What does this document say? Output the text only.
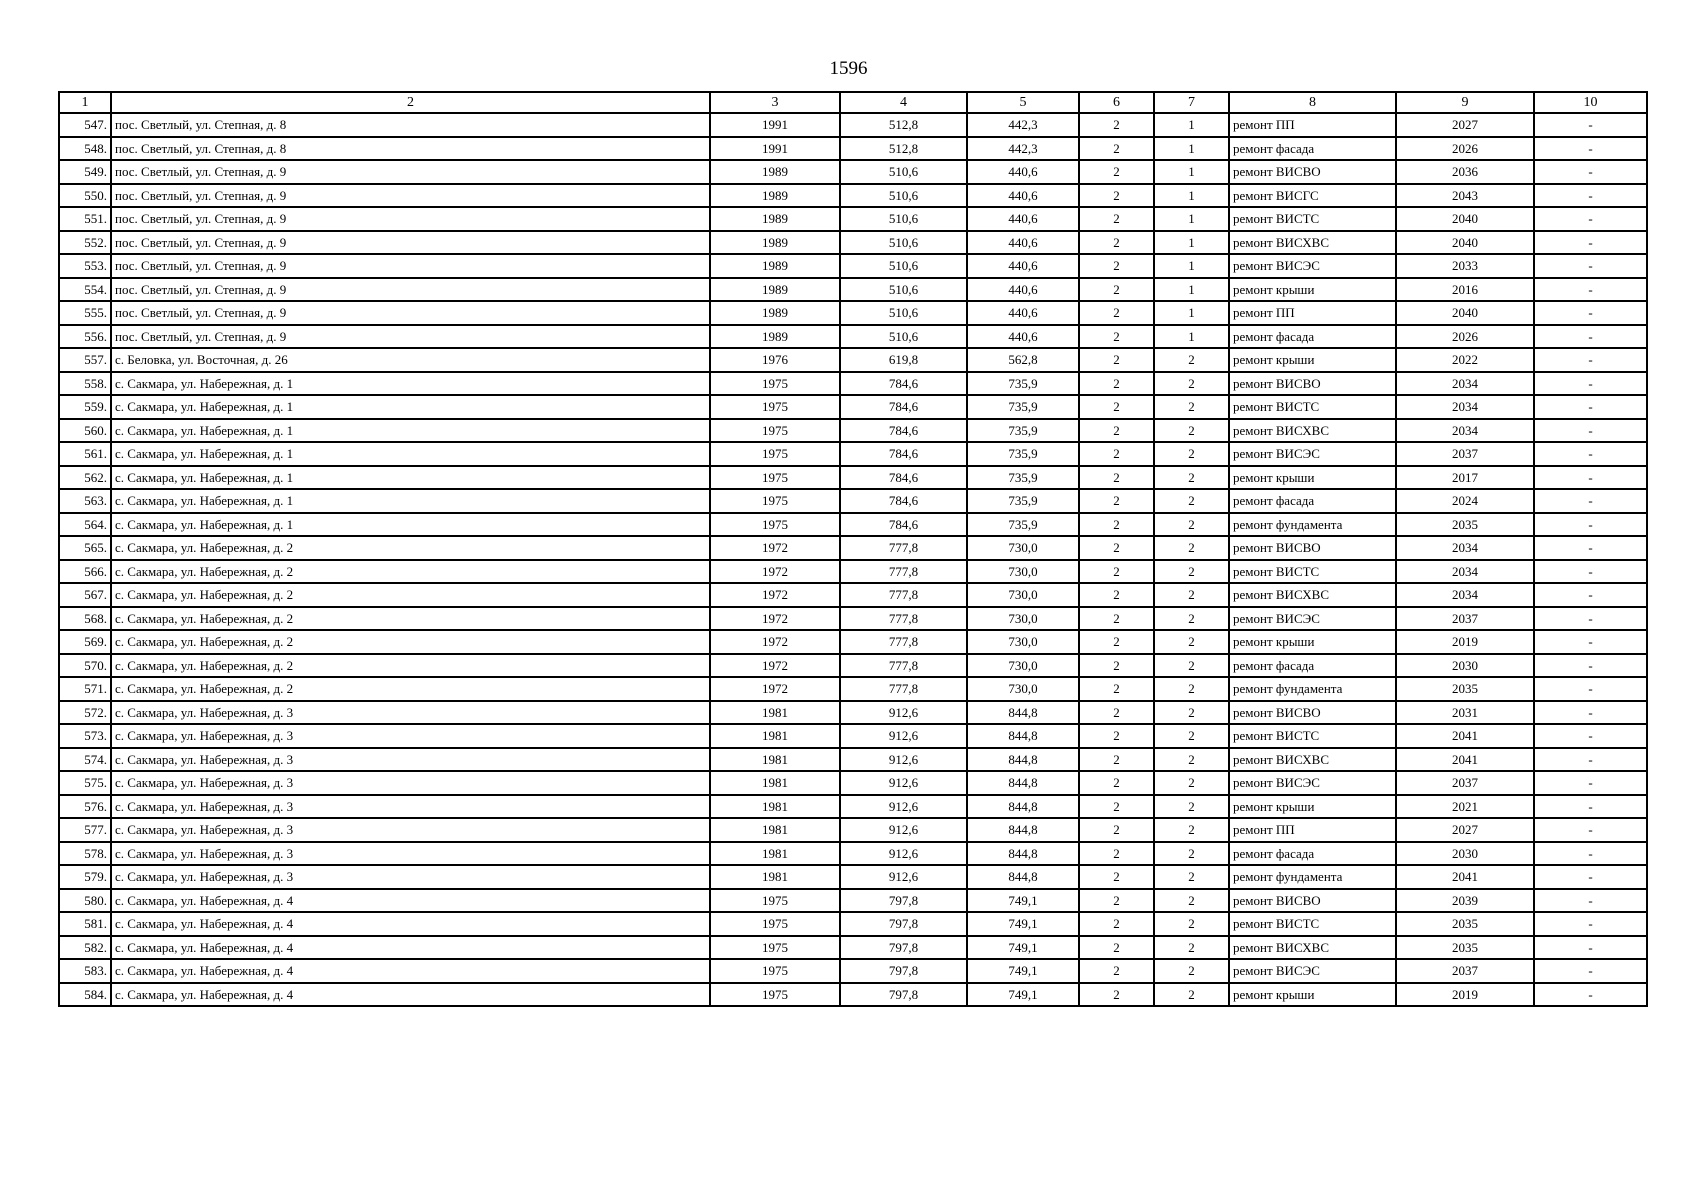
1596
1	2	3	4	5	6	7	8	9	10
547.	пос. Светлый, ул. Степная, д. 8	1991	512,8	442,3	2	1	ремонт ПП	2027	-
548.	пос. Светлый, ул. Степная, д. 8	1991	512,8	442,3	2	1	ремонт фасада	2026	-
549.	пос. Светлый, ул. Степная, д. 9	1989	510,6	440,6	2	1	ремонт ВИСВО	2036	-
550.	пос. Светлый, ул. Степная, д. 9	1989	510,6	440,6	2	1	ремонт ВИСГС	2043	-
551.	пос. Светлый, ул. Степная, д. 9	1989	510,6	440,6	2	1	ремонт ВИСТС	2040	-
552.	пос. Светлый, ул. Степная, д. 9	1989	510,6	440,6	2	1	ремонт ВИСХВС	2040	-
553.	пос. Светлый, ул. Степная, д. 9	1989	510,6	440,6	2	1	ремонт ВИСЭС	2033	-
554.	пос. Светлый, ул. Степная, д. 9	1989	510,6	440,6	2	1	ремонт крыши	2016	-
555.	пос. Светлый, ул. Степная, д. 9	1989	510,6	440,6	2	1	ремонт ПП	2040	-
556.	пос. Светлый, ул. Степная, д. 9	1989	510,6	440,6	2	1	ремонт фасада	2026	-
557.	с. Беловка, ул. Восточная, д. 26	1976	619,8	562,8	2	2	ремонт крыши	2022	-
558.	с. Сакмара, ул. Набережная, д. 1	1975	784,6	735,9	2	2	ремонт ВИСВО	2034	-
559.	с. Сакмара, ул. Набережная, д. 1	1975	784,6	735,9	2	2	ремонт ВИСТС	2034	-
560.	с. Сакмара, ул. Набережная, д. 1	1975	784,6	735,9	2	2	ремонт ВИСХВС	2034	-
561.	с. Сакмара, ул. Набережная, д. 1	1975	784,6	735,9	2	2	ремонт ВИСЭС	2037	-
562.	с. Сакмара, ул. Набережная, д. 1	1975	784,6	735,9	2	2	ремонт крыши	2017	-
563.	с. Сакмара, ул. Набережная, д. 1	1975	784,6	735,9	2	2	ремонт фасада	2024	-
564.	с. Сакмара, ул. Набережная, д. 1	1975	784,6	735,9	2	2	ремонт фундамента	2035	-
565.	с. Сакмара, ул. Набережная, д. 2	1972	777,8	730,0	2	2	ремонт ВИСВО	2034	-
566.	с. Сакмара, ул. Набережная, д. 2	1972	777,8	730,0	2	2	ремонт ВИСТС	2034	-
567.	с. Сакмара, ул. Набережная, д. 2	1972	777,8	730,0	2	2	ремонт ВИСХВС	2034	-
568.	с. Сакмара, ул. Набережная, д. 2	1972	777,8	730,0	2	2	ремонт ВИСЭС	2037	-
569.	с. Сакмара, ул. Набережная, д. 2	1972	777,8	730,0	2	2	ремонт крыши	2019	-
570.	с. Сакмара, ул. Набережная, д. 2	1972	777,8	730,0	2	2	ремонт фасада	2030	-
571.	с. Сакмара, ул. Набережная, д. 2	1972	777,8	730,0	2	2	ремонт фундамента	2035	-
572.	с. Сакмара, ул. Набережная, д. 3	1981	912,6	844,8	2	2	ремонт ВИСВО	2031	-
573.	с. Сакмара, ул. Набережная, д. 3	1981	912,6	844,8	2	2	ремонт ВИСТС	2041	-
574.	с. Сакмара, ул. Набережная, д. 3	1981	912,6	844,8	2	2	ремонт ВИСХВС	2041	-
575.	с. Сакмара, ул. Набережная, д. 3	1981	912,6	844,8	2	2	ремонт ВИСЭС	2037	-
576.	с. Сакмара, ул. Набережная, д. 3	1981	912,6	844,8	2	2	ремонт крыши	2021	-
577.	с. Сакмара, ул. Набережная, д. 3	1981	912,6	844,8	2	2	ремонт ПП	2027	-
578.	с. Сакмара, ул. Набережная, д. 3	1981	912,6	844,8	2	2	ремонт фасада	2030	-
579.	с. Сакмара, ул. Набережная, д. 3	1981	912,6	844,8	2	2	ремонт фундамента	2041	-
580.	с. Сакмара, ул. Набережная, д. 4	1975	797,8	749,1	2	2	ремонт ВИСВО	2039	-
581.	с. Сакмара, ул. Набережная, д. 4	1975	797,8	749,1	2	2	ремонт ВИСТС	2035	-
582.	с. Сакмара, ул. Набережная, д. 4	1975	797,8	749,1	2	2	ремонт ВИСХВС	2035	-
583.	с. Сакмара, ул. Набережная, д. 4	1975	797,8	749,1	2	2	ремонт ВИСЭС	2037	-
584.	с. Сакмара, ул. Набережная, д. 4	1975	797,8	749,1	2	2	ремонт крыши	2019	-
